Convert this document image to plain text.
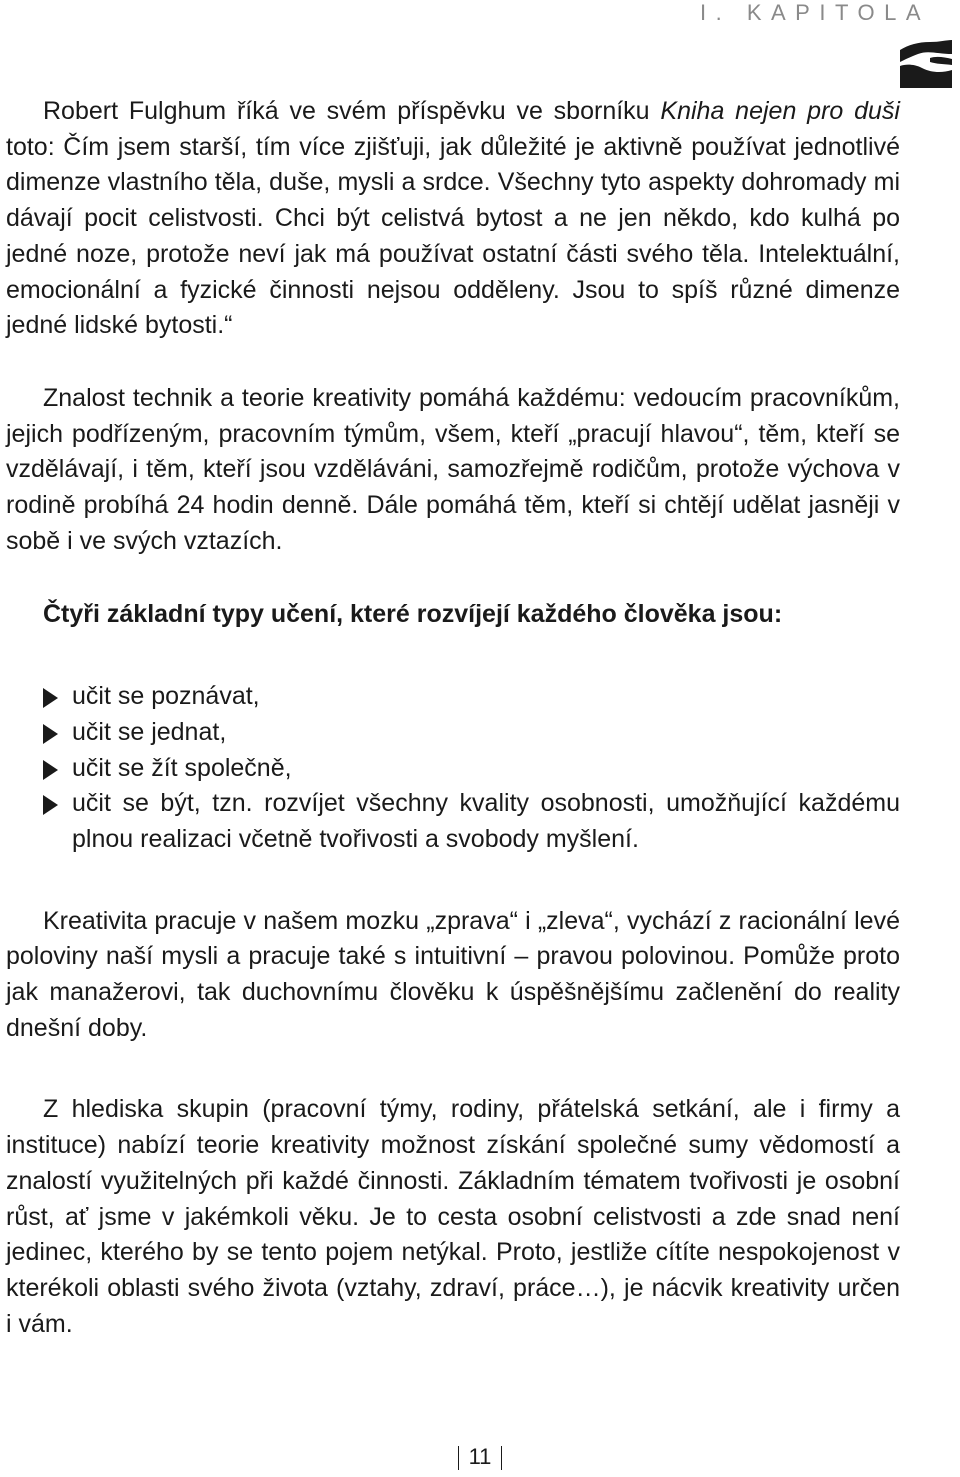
I. KAPITOLA

Robert Fulghum říká ve svém příspěvku ve sborníku Kniha nejen pro duši toto: Čím jsem starší, tím více zjišťuji, jak důležité je aktivně používat jednotlivé dimenze vlastního těla, duše, mysli a srdce. Všechny tyto aspekty dohromady mi dávají pocit celistvosti. Chci být celistvá bytost a ne jen někdo, kdo kulhá po jedné noze, protože neví jak má používat ostatní části svého těla. Intelektuální, emocionální a fyzické činnosti nejsou odděleny. Jsou to spíš různé dimenze jedné lidské bytosti.“

Znalost technik a teorie kreativity pomáhá každému: vedoucím pracovníkům, jejich podřízeným, pracovním týmům, všem, kteří „pracují hlavou“, těm, kteří se vzdělávají, i těm, kteří jsou vzděláváni, samozřejmě rodičům, protože výchova v rodině probíhá 24 hodin denně. Dále pomáhá těm, kteří si chtějí udělat jasněji v sobě i ve svých vztazích.

Čtyři základní typy učení, které rozvíjejí každého člověka jsou:
učit se poznávat,
učit se jednat,
učit se žít společně,
učit se být, tzn. rozvíjet všechny kvality osobnosti, umožňující každému plnou realizaci včetně tvořivosti a svobody myšlení.

Kreativita pracuje v našem mozku „zprava“ i „zleva“, vychází z racionální levé poloviny naší mysli a pracuje také s intuitivní – pravou polovinou. Pomůže proto jak manažerovi, tak duchovnímu člověku k úspěšnějšímu začlenění do reality dnešní doby.

Z hlediska skupin (pracovní týmy, rodiny, přátelská setkání, ale i firmy a instituce) nabízí teorie kreativity možnost získání společné sumy vědomostí a znalostí využitelných při každé činnosti. Základním tématem tvořivosti je osobní růst, ať jsme v jakémkoli věku. Je to cesta osobní celistvosti a zde snad není jedinec, kterého by se tento pojem netýkal. Proto, jestliže cítíte nespokojenost v kterékoli oblasti svého života (vztahy, zdraví, práce…), je nácvik kreativity určen i vám.

11
